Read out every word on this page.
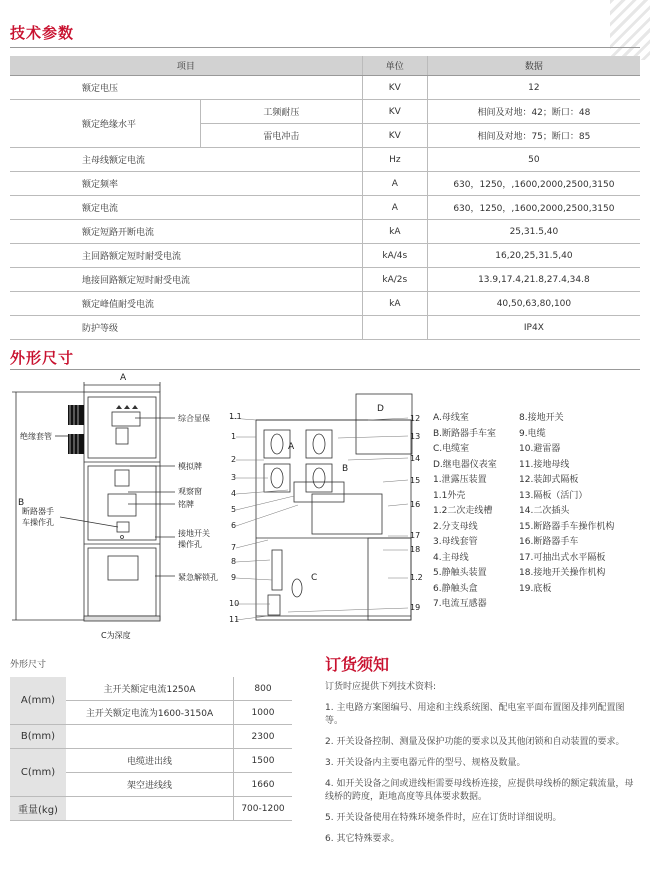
技术参数
项目		单位	数据
额定电压		KV	12
额定绝缘水平	工频耐压	KV	相间及对地：42；断口：48
	雷电冲击	KV	相间及对地：75；断口：85
主母线额定电流		Hz	50
额定频率		A	630，1250，,1600,2000,2500,3150
额定电流		A	630，1250，,1600,2000,2500,3150
额定短路开断电流		kA	25,31.5,40
主回路额定短时耐受电流		kA/4s	16,20,25,31.5,40
地接回路额定短时耐受电流		kA/2s	13.9,17.4,21.8,27.4,34.8
额定峰值耐受电流		kA	40,50,63,80,100
防护等级			IP4X
外形尺寸
A
B
C为深度
绝缘套管
综合显保
模拟牌
观察窗
铭牌
断路器手
车操作孔
接地开关
操作孔
紧急解锁孔
A
B
C
D
1.1
1
2
3
4
5
6
7
8
9
10
11
12
13
14
15
16
17
18
1.2
19
A.母线室
B.断路器手车室
C.电缆室
D.继电器仪表室
1.泄露压装置
1.1外壳
1.2二次走线槽
2.分支母线
3.母线套管
4.主母线
5.静触头装置
6.静触头盒
7.电流互感器
8.接地开关
9.电缆
10.避雷器
11.接地母线
12.装卸式隔板
13.隔板（活门）
14.二次插头
15.断路器手车操作机构
16.断路器手车
17.可抽出式水平隔板
18.接地开关操作机构
19.底板
外形尺寸
A(mm)	主开关额定电流1250A	800
	主开关额定电流为1600-3150A	1000
B(mm)		2300
C(mm)	电缆进出线	1500
	架空进线线	1660
重量(kg)		700-1200
订货须知

订货时应提供下列技术资料:

1. 主电路方案图编号、用途和主线系统图、配电室平面布置图及排列配置图等。

2. 开关设备控制、测量及保护功能的要求以及其他闭锁和自动装置的要求。

3. 开关设备内主要电器元件的型号、规格及数量。

4. 如开关设备之间或进线柜需要母线桥连接，应提供母线桥的额定载流量，母线桥的跨度，距地高度等具体要求数据。

5. 开关设备使用在特殊环境条件时，应在订货时详细说明。

6. 其它特殊要求。
